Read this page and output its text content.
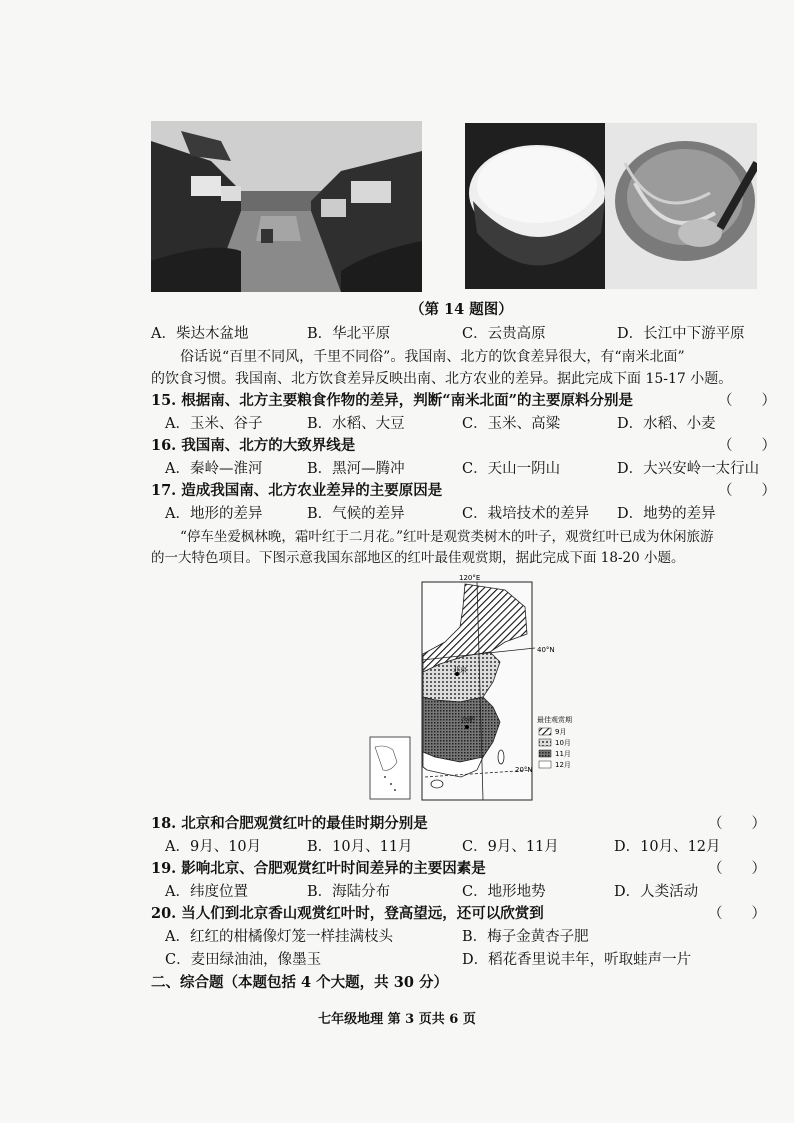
（第 14 题图）
A．柴达木盆地	B．华北平原	C．云贵高原	D．长江中下游平原
俗话说“百里不同风，千里不同俗”。我国南、北方的饮食差异很大，有“南米北面”
的饮食习惯。我国南、北方饮食差异反映出南、北方农业的差异。据此完成下面 15-17 小题。
15. 根据南、北方主要粮食作物的差异，判断“南米北面”的主要原料分别是	（　　）
A．玉米、谷子	B．水稻、大豆	C．玉米、高粱	D．水稻、小麦
16. 我国南、北方的大致界线是	（　　）
A．秦岭—淮河	B．黑河—腾冲	C．天山一阴山	D．大兴安岭一太行山
17. 造成我国南、北方农业差异的主要原因是	（　　）
A．地形的差异	B．气候的差异	C．栽培技术的差异 D．地势的差异
“停车坐爱枫林晚，霜叶红于二月花。”红叶是观赏类树木的叶子，观赏红叶已成为休闲旅游
的一大特色项目。下图示意我国东部地区的红叶最佳观赏期，据此完成下面 18-20 小题。
120°E
40°N
20°N
北京
合肥	最佳观赏期
9月
10月
11月
12月
18. 北京和合肥观赏红叶的最佳时期分别是	（　　）
A．9月、10月	B．10月、11月	C．9月、11月	D．10月、12月
19. 影响北京、合肥观赏红叶时间差异的主要因素是	（　　）
A．纬度位置	B．海陆分布	C．地形地势	D．人类活动
20. 当人们到北京香山观赏红叶时，登高望远，还可以欣赏到	（　　）
A．红红的柑橘像灯笼一样挂满枝头	B．梅子金黄杏子肥
C．麦田绿油油，像墨玉	D．稻花香里说丰年，听取蛙声一片
二、综合题（本题包括 4 个大题，共 30 分）
七年级地理 第 3 页共 6 页
